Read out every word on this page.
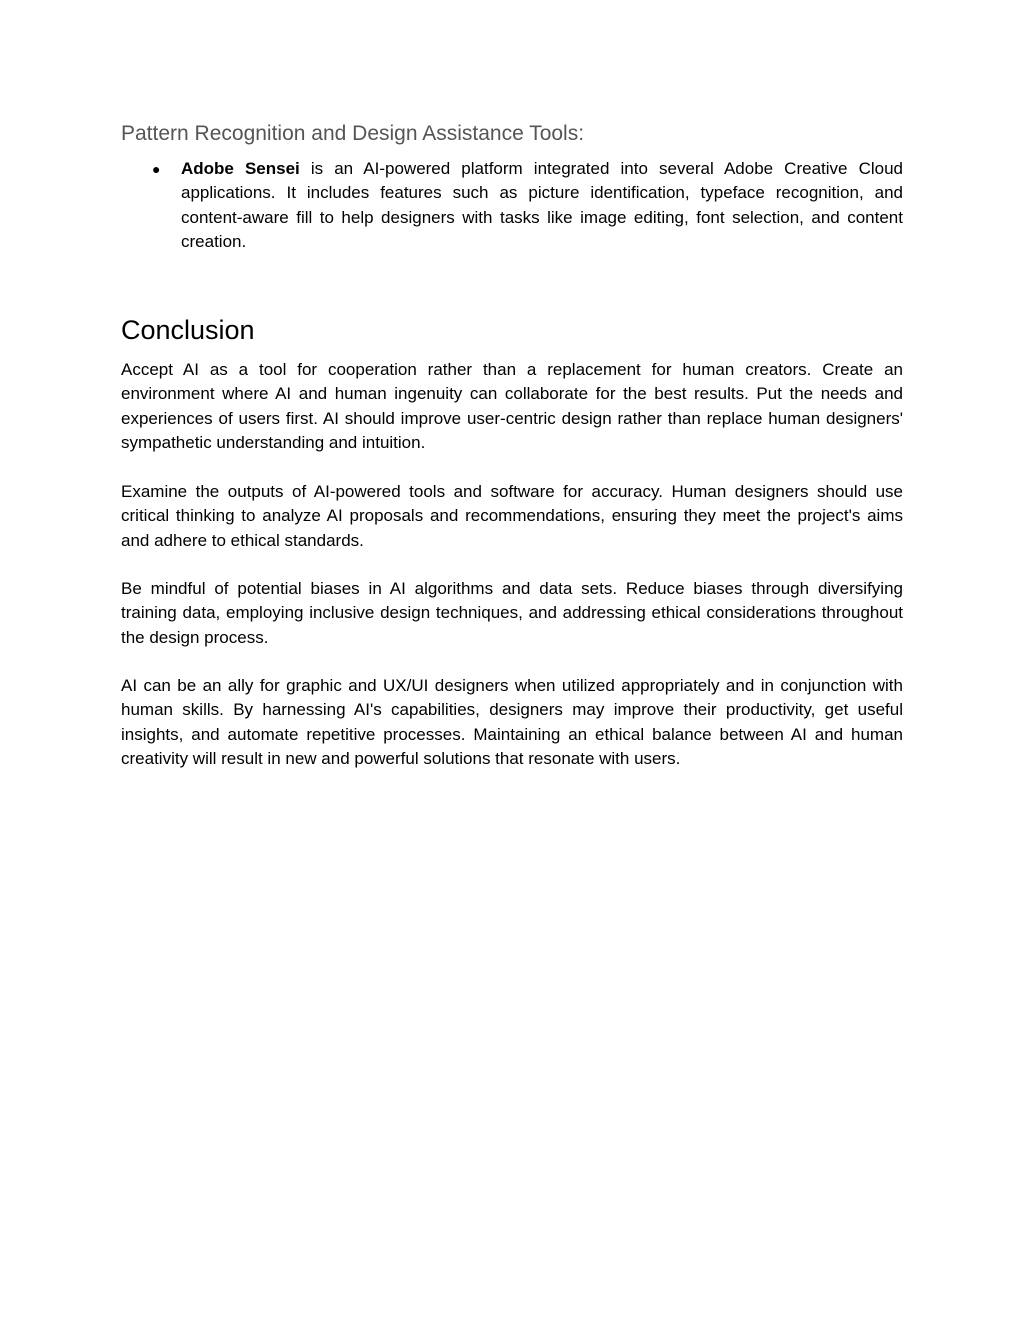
Pattern Recognition and Design Assistance Tools:
● Adobe Sensei is an AI-powered platform integrated into several Adobe Creative Cloud applications. It includes features such as picture identification, typeface recognition, and content-aware fill to help designers with tasks like image editing, font selection, and content creation.
Conclusion

Accept AI as a tool for cooperation rather than a replacement for human creators. Create an environment where AI and human ingenuity can collaborate for the best results. Put the needs and experiences of users first. AI should improve user-centric design rather than replace human designers' sympathetic understanding and intuition.

Examine the outputs of AI-powered tools and software for accuracy. Human designers should use critical thinking to analyze AI proposals and recommendations, ensuring they meet the project's aims and adhere to ethical standards.

Be mindful of potential biases in AI algorithms and data sets. Reduce biases through diversifying training data, employing inclusive design techniques, and addressing ethical considerations throughout the design process.

AI can be an ally for graphic and UX/UI designers when utilized appropriately and in conjunction with human skills. By harnessing AI's capabilities, designers may improve their productivity, get useful insights, and automate repetitive processes. Maintaining an ethical balance between AI and human creativity will result in new and powerful solutions that resonate with users.
